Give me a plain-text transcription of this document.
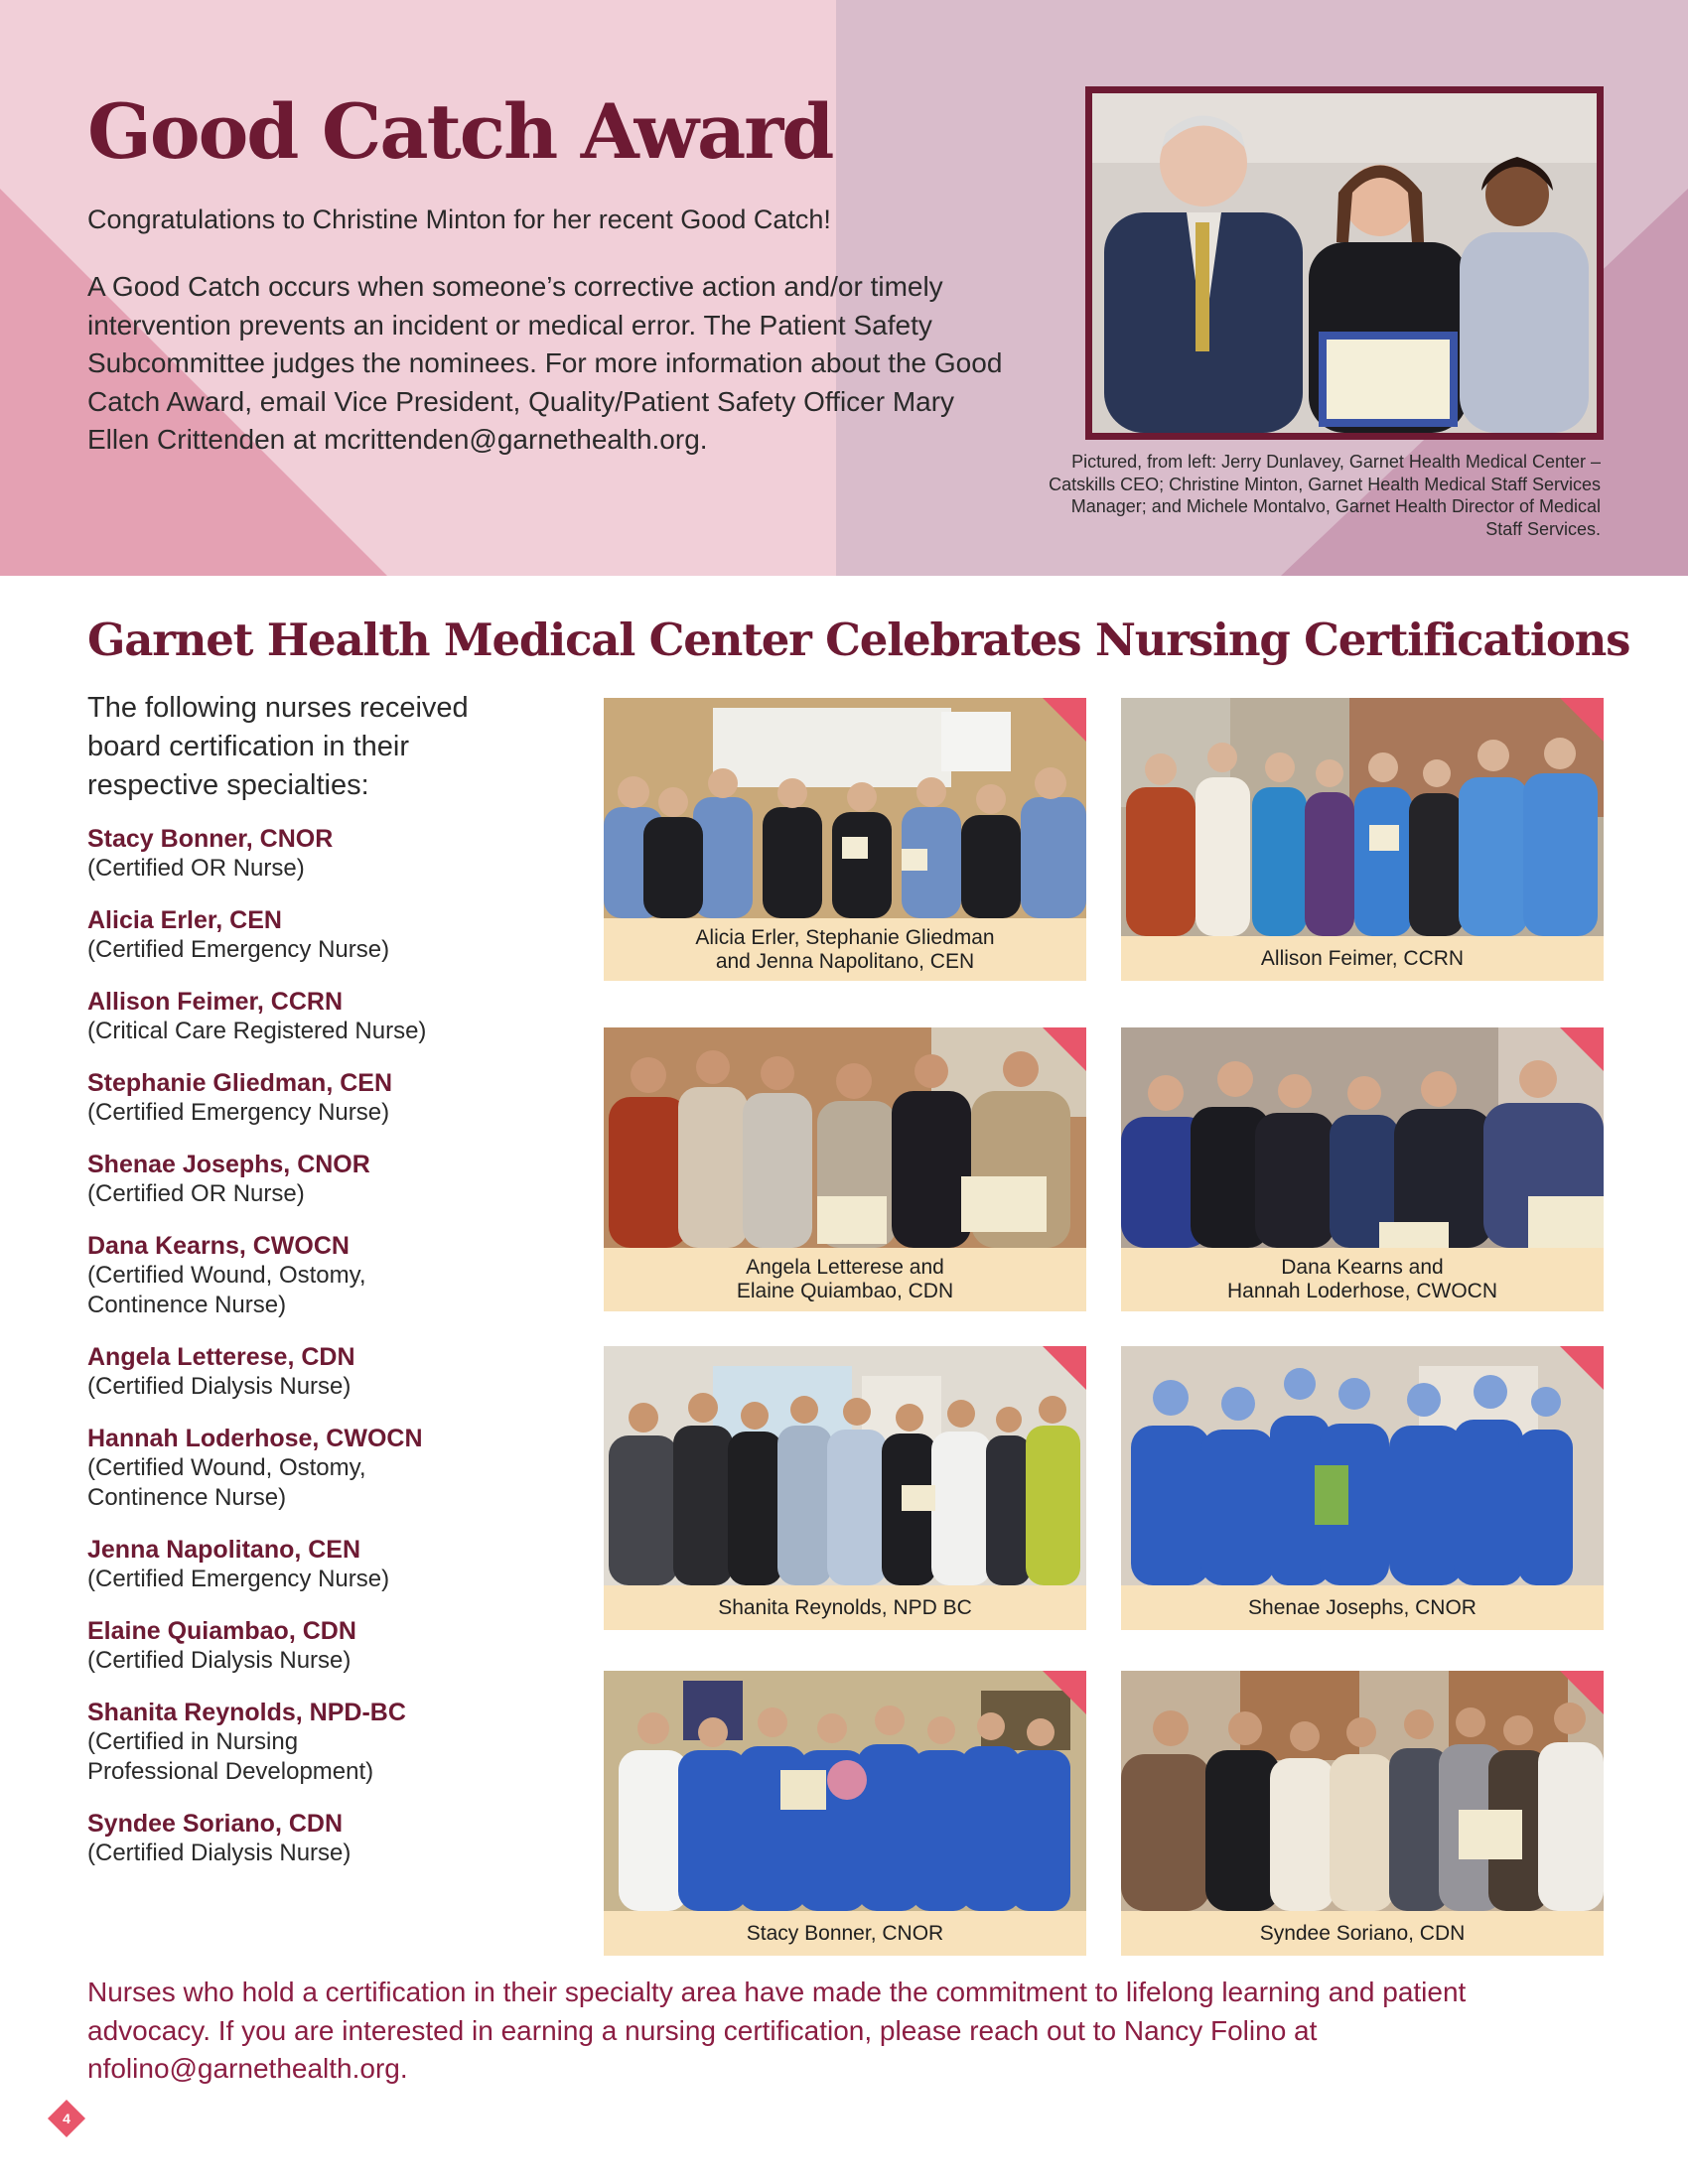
Good Catch Award

Congratulations to Christine Minton for her recent Good Catch!

A Good Catch occurs when someone’s corrective action and/or timely intervention prevents an incident or medical error. The Patient Safety Subcommittee judges the nominees. For more information about the Good Catch Award, email Vice President, Quality/Patient Safety Officer Mary Ellen Crittenden at mcrittenden@garnethealth.org.

Pictured, from left: Jerry Dunlavey, Garnet Health Medical Center – Catskills CEO; Christine Minton, Garnet Health Medical Staff Services Manager; and Michele Montalvo, Garnet Health Director of Medical Staff Services.

Garnet Health Medical Center Celebrates Nursing Certifications

The following nurses received board certification in their respective specialties:

Stacy Bonner, CNOR
(Certified OR Nurse)
Alicia Erler, CEN
(Certified Emergency Nurse)
Allison Feimer, CCRN
(Critical Care Registered Nurse)
Stephanie Gliedman, CEN
(Certified Emergency Nurse)
Shenae Josephs, CNOR
(Certified OR Nurse)
Dana Kearns, CWOCN
(Certified Wound, Ostomy,
Continence Nurse)
Angela Letterese, CDN
(Certified Dialysis Nurse)
Hannah Loderhose, CWOCN
(Certified Wound, Ostomy,
Continence Nurse)
Jenna Napolitano, CEN
(Certified Emergency Nurse)
Elaine Quiambao, CDN
(Certified Dialysis Nurse)
Shanita Reynolds, NPD-BC
(Certified in Nursing
Professional Development)
Syndee Soriano, CDN
(Certified Dialysis Nurse)
Alicia Erler, Stephanie Gliedman
and Jenna Napolitano, CEN	Allison Feimer, CCRN
Angela Letterese and
Elaine Quiambao, CDN
Dana Kearns and
Hannah Loderhose, CWOCN
Shanita Reynolds, NPD BC	Shenae Josephs, CNOR
Stacy Bonner, CNOR	Syndee Soriano, CDN

Nurses who hold a certification in their specialty area have made the commitment to lifelong learning and patient advocacy. If you are interested in earning a nursing certification, please reach out to Nancy Folino at nfolino@garnethealth.org.

4
